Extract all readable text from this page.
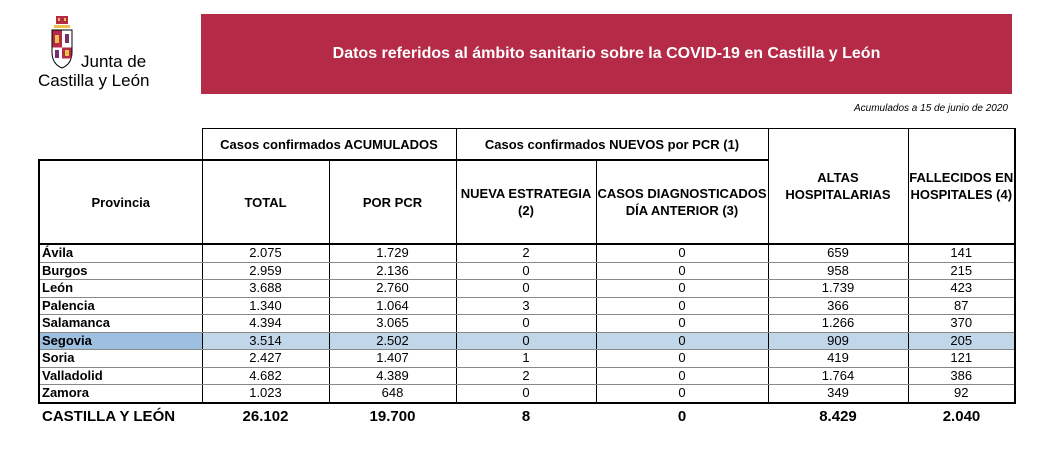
Junta de
Castilla y León
Datos referidos al ámbito sanitario sobre la COVID-19 en Castilla y León
Acumulados a 15 de junio de 2020
	Casos confirmados ACUMULADOS		Casos confirmados NUEVOS por PCR (1)		ALTAS HOSPITALARIAS	FALLECIDOS EN HOSPITALES (4)
Provincia	TOTAL	POR PCR	NUEVA ESTRATEGIA (2)	CASOS DIAGNOSTICADOS DÍA ANTERIOR (3)		
Ávila	2.075	1.729	2	0	659	141
Burgos	2.959	2.136	0	0	958	215
León	3.688	2.760	0	0	1.739	423
Palencia	1.340	1.064	3	0	366	87
Salamanca	4.394	3.065	0	0	1.266	370
Segovia	3.514	2.502	0	0	909	205
Soria	2.427	1.407	1	0	419	121
Valladolid	4.682	4.389	2	0	1.764	386
Zamora	1.023	648	0	0	349	92
CASTILLA Y LEÓN	26.102	19.700	8	0	8.429	2.040
